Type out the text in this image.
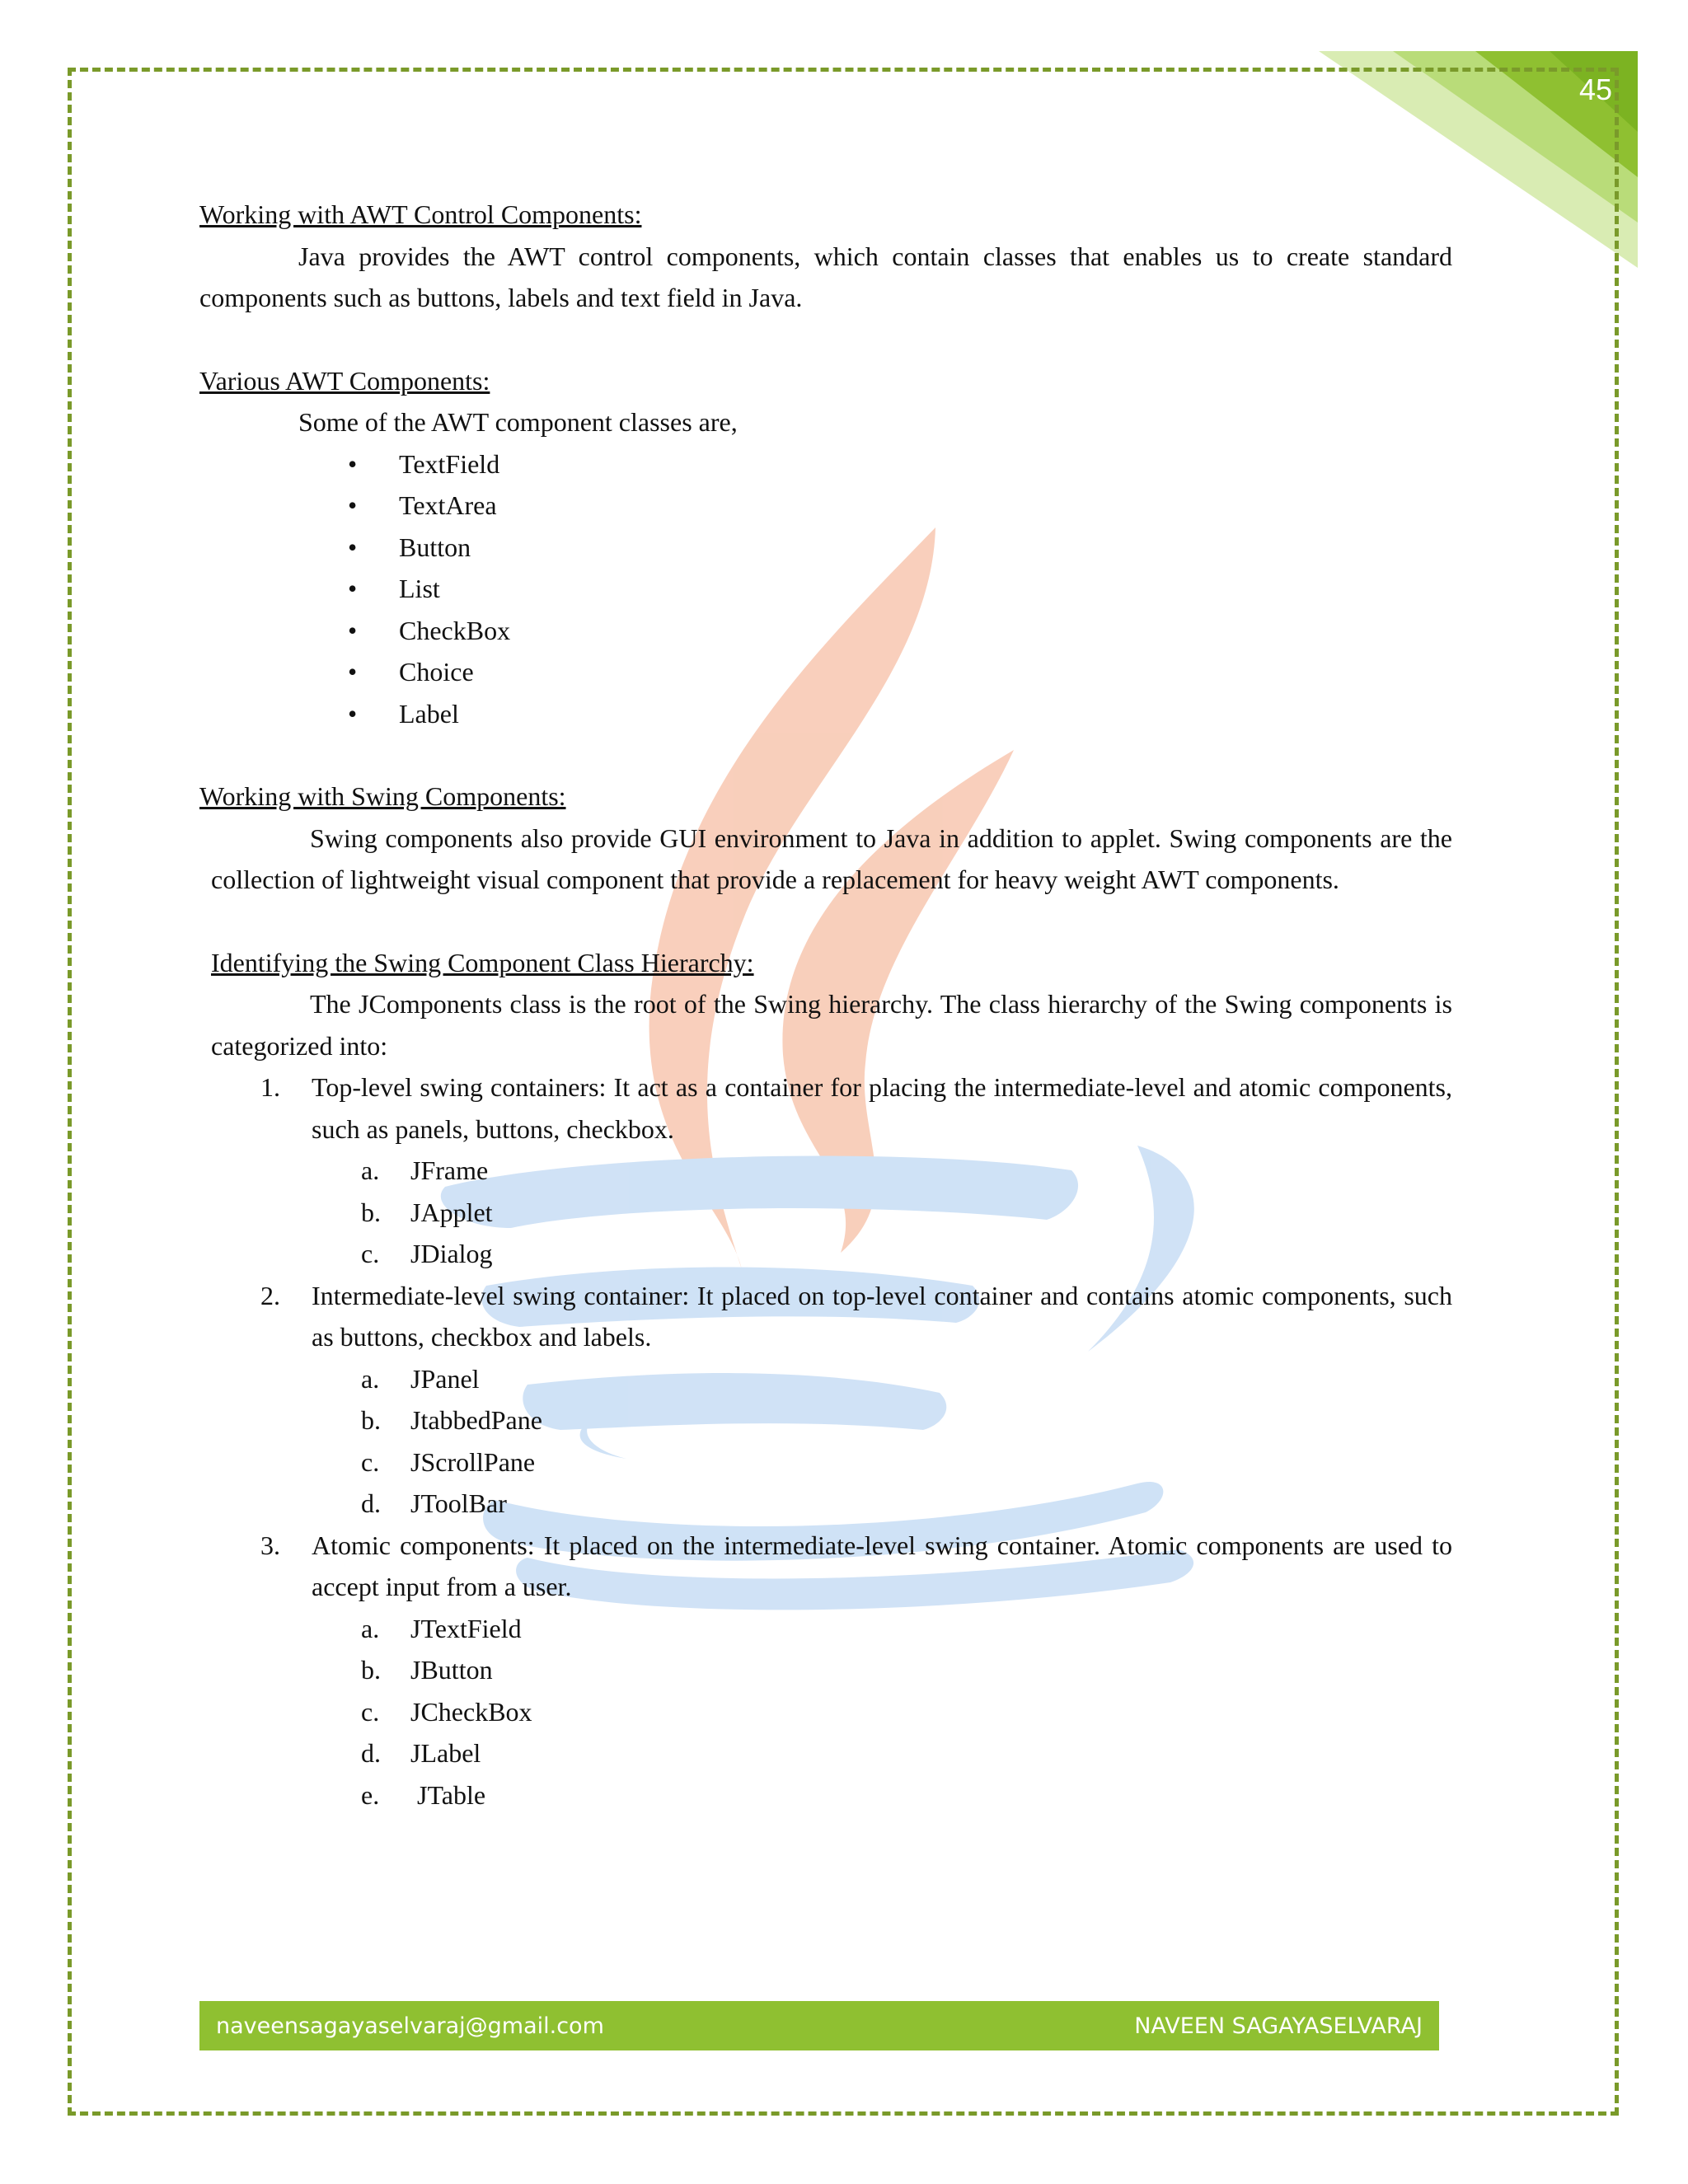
45

Working with AWT Control Components:

Java provides the AWT control components, which contain classes that enables us to create standard components such as buttons, labels and text field in Java.

Various AWT Components:

Some of the AWT component classes are,

• TextField
• TextArea
• Button
• List
• CheckBox
• Choice
• Label

Working with Swing Components:

Swing components also provide GUI environment to Java in addition to applet. Swing components are the collection of lightweight visual component that provide a replacement for heavy weight AWT components.

Identifying the Swing Component Class Hierarchy:

The JComponents class is the root of the Swing hierarchy. The class hierarchy of the Swing components is categorized into:

1. Top-level swing containers: It act as a container for placing the intermediate-level and atomic components, such as panels, buttons, checkbox.
a. JFrame
b. JApplet
c. JDialog
2. Intermediate-level swing container: It placed on top-level container and contains atomic components, such as buttons, checkbox and labels.
a. JPanel
b. JtabbedPane
c. JScrollPane
d. JToolBar
3. Atomic components: It placed on the intermediate-level swing container. Atomic components are used to accept input from a user.
a. JTextField
b. JButton
c. JCheckBox
d. JLabel
e. JTable
naveensagayaselvaraj@gmail.com	NAVEEN SAGAYASELVARAJ
